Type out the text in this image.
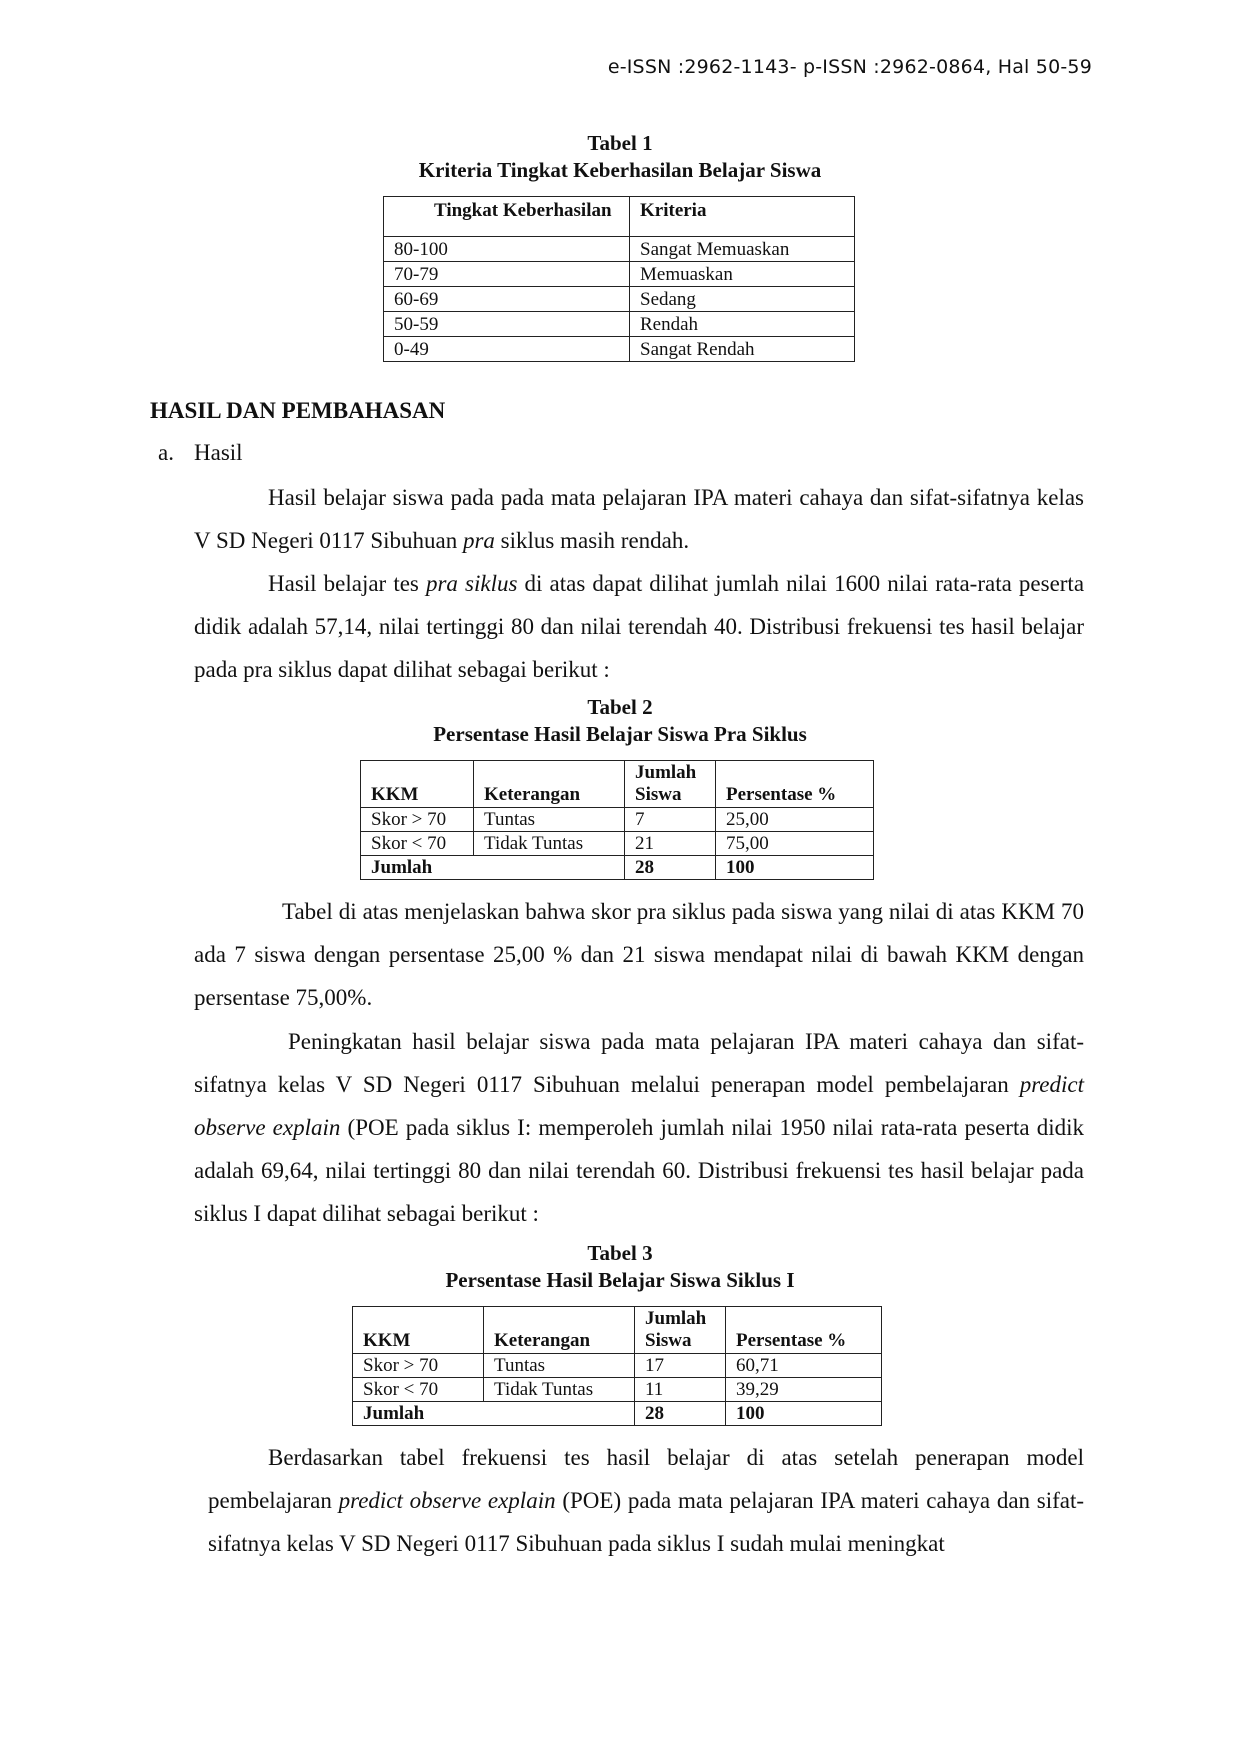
e-ISSN :2962-1143- p-ISSN :2962-0864, Hal 50-59
Tabel 1
Kriteria Tingkat Keberhasilan Belajar Siswa
Tingkat Keberhasilan	Kriteria
80-100	Sangat Memuaskan
70-79	Memuaskan
60-69	Sedang
50-59	Rendah
0-49	Sangat Rendah
HASIL DAN PEMBAHASAN
a. Hasil

Hasil belajar siswa pada pada mata pelajaran IPA materi cahaya dan sifat-sifatnya kelas V SD Negeri 0117 Sibuhuan pra siklus masih rendah.

Hasil belajar tes pra siklus di atas dapat dilihat jumlah nilai 1600 nilai rata-rata peserta didik adalah 57,14, nilai tertinggi 80 dan nilai terendah 40. Distribusi frekuensi tes hasil belajar pada pra siklus dapat dilihat sebagai berikut :

Tabel 2
Persentase Hasil Belajar Siswa Pra Siklus
KKM	Keterangan	Jumlah Siswa	Persentase %
Skor > 70	Tuntas	7	25,00
Skor < 70	Tidak Tuntas	21	75,00
Jumlah		28	100

Tabel di atas menjelaskan bahwa skor pra siklus pada siswa yang nilai di atas KKM 70 ada 7 siswa dengan persentase 25,00 % dan 21 siswa mendapat nilai di bawah KKM dengan persentase 75,00%.

Peningkatan hasil belajar siswa pada mata pelajaran IPA materi cahaya dan sifat-sifatnya kelas V SD Negeri 0117 Sibuhuan melalui penerapan model pembelajaran predict observe explain (POE pada siklus I: memperoleh jumlah nilai 1950 nilai rata-rata peserta didik adalah 69,64, nilai tertinggi 80 dan nilai terendah 60. Distribusi frekuensi tes hasil belajar pada siklus I dapat dilihat sebagai berikut :

Tabel 3
Persentase Hasil Belajar Siswa Siklus I
KKM	Keterangan	Jumlah Siswa	Persentase %
Skor > 70	Tuntas	17	60,71
Skor < 70	Tidak Tuntas	11	39,29
Jumlah		28	100

Berdasarkan tabel frekuensi tes hasil belajar di atas setelah penerapan model pembelajaran predict observe explain (POE) pada mata pelajaran IPA materi cahaya dan sifat-sifatnya kelas V SD Negeri 0117 Sibuhuan pada siklus I sudah mulai meningkat
